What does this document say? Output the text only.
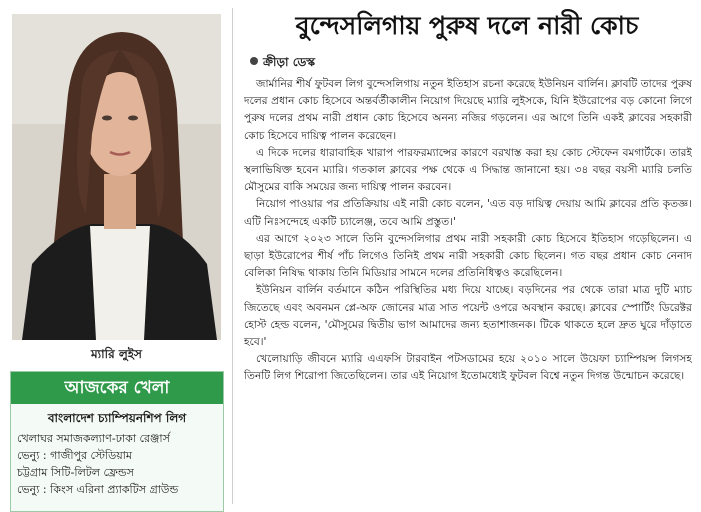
ম্যারি লুইস
আজকের খেলা
বাংলাদেশ চ্যাম্পিয়নশিপ লিগ
খেলাঘর সমাজকল্যাণ-ঢাকা রেঞ্জার্স
ভেন্যু : গাজীপুর স্টেডিয়াম
চট্টগ্রাম সিটি-লিটল ফ্রেন্ডস
ভেন্যু : কিংস এরিনা প্র্যাকটিস গ্রাউন্ড
বুন্দেসলিগায় পুরুষ দলে নারী কোচ
ক্রীড়া ডেস্ক

জার্মানির শীর্ষ ফুটবল লিগ বুন্দেসলিগায় নতুন ইতিহাস রচনা করেছে ইউনিয়ন বার্লিন। ক্লাবটি তাদের পুরুষ দলের প্রধান কোচ হিসেবে অন্তর্বর্তীকালীন নিয়োগ দিয়েছে ম্যারি লুইসকে, যিনি ইউরোপের বড় কোনো লিগে পুরুষ দলের প্রথম নারী প্রধান কোচ হিসেবে অনন্য নজির গড়লেন। এর আগে তিনি একই ক্লাবের সহকারী কোচ হিসেবে দায়িত্ব পালন করেছেন।

এ দিকে দলের ধারাবাহিক খারাপ পারফরম্যান্সের কারণে বরখাস্ত করা হয় কোচ স্টেফেন বমগার্টকে। তারই স্থলাভিষিক্ত হবেন ম্যারি। গতকাল ক্লাবের পক্ষ থেকে এ সিদ্ধান্ত জানানো হয়। ৩৪ বছর বয়সী ম্যারি চলতি মৌসুমের বাকি সময়ের জন্য দায়িত্ব পালন করবেন।

নিয়োগ পাওয়ার পর প্রতিক্রিয়ায় এই নারী কোচ বলেন, 'এত বড় দায়িত্ব দেয়ায় আমি ক্লাবের প্রতি কৃতজ্ঞ। এটি নিঃসন্দেহে একটি চ্যালেঞ্জ, তবে আমি প্রস্তুত।'

এর আগে ২০২৩ সালে তিনি বুন্দেসলিগার প্রথম নারী সহকারী কোচ হিসেবে ইতিহাস গড়েছিলেন। এ ছাড়া ইউরোপের শীর্ষ পাঁচ লিগেও তিনিই প্রথম নারী সহকারী কোচ ছিলেন। গত বছর প্রধান কোচ নেনাদ বেলিকা নিষিদ্ধ থাকায় তিনি মিডিয়ার সামনে দলের প্রতিনিধিত্বও করেছিলেন।

ইউনিয়ন বার্লিন বর্তমানে কঠিন পরিস্থিতির মধ্য দিয়ে যাচ্ছে। বড়দিনের পর থেকে তারা মাত্র দুটি ম্যাচ জিতেছে এবং অবনমন প্লে-অফ জোনের মাত্র সাত পয়েন্ট ওপরে অবস্থান করছে। ক্লাবের স্পোর্টিং ডিরেক্টর হোস্ট হেল্ড বলেন, 'মৌসুমের দ্বিতীয় ভাগ আমাদের জন্য হতাশাজনক। টিকে থাকতে হলে দ্রুত ঘুরে দাঁড়াতে হবে।'

খেলোয়াড়ি জীবনে ম্যারি এএফসি টারবাইন পটসডামের হয়ে ২০১০ সালে উয়েফা চ্যাম্পিয়ন্স লিগসহ তিনটি লিগ শিরোপা জিতেছিলেন। তার এই নিয়োগ ইতোমধ্যেই ফুটবল বিশ্বে নতুন দিগন্ত উন্মোচন করেছে।
